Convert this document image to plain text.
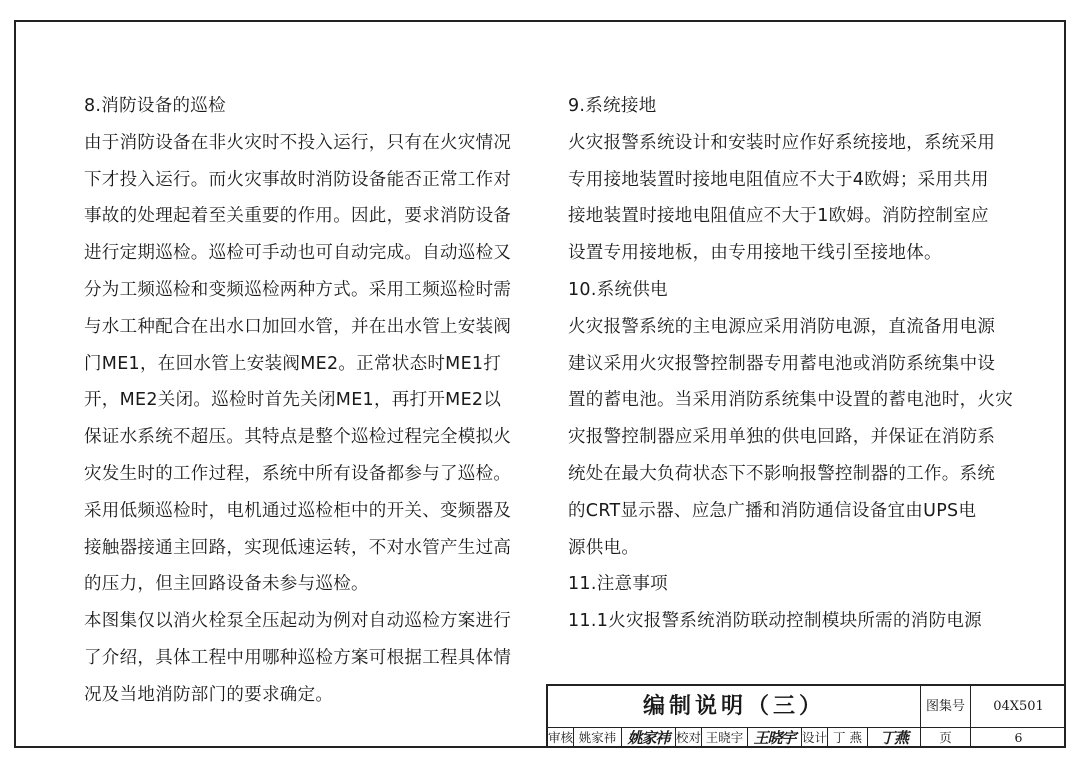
8.消防设备的巡检
由于消防设备在非火灾时不投入运行，只有在火灾情况
下才投入运行。而火灾事故时消防设备能否正常工作对
事故的处理起着至关重要的作用。因此，要求消防设备
进行定期巡检。巡检可手动也可自动完成。自动巡检又
分为工频巡检和变频巡检两种方式。采用工频巡检时需
与水工种配合在出水口加回水管，并在出水管上安装阀
门ME1，在回水管上安装阀ME2。正常状态时ME1打
开，ME2关闭。巡检时首先关闭ME1，再打开ME2以
保证水系统不超压。其特点是整个巡检过程完全模拟火
灾发生时的工作过程，系统中所有设备都参与了巡检。
采用低频巡检时，电机通过巡检柜中的开关、变频器及
接触器接通主回路，实现低速运转，不对水管产生过高
的压力，但主回路设备未参与巡检。
本图集仅以消火栓泵全压起动为例对自动巡检方案进行
了介绍，具体工程中用哪种巡检方案可根据工程具体情
况及当地消防部门的要求确定。
9.系统接地
火灾报警系统设计和安装时应作好系统接地，系统采用
专用接地装置时接地电阻值应不大于4欧姆；采用共用
接地装置时接地电阻值应不大于1欧姆。消防控制室应
设置专用接地板，由专用接地干线引至接地体。
10.系统供电
火灾报警系统的主电源应采用消防电源，直流备用电源
建议采用火灾报警控制器专用蓄电池或消防系统集中设
置的蓄电池。当采用消防系统集中设置的蓄电池时，火灾
灾报警控制器应采用单独的供电回路，并保证在消防系
统处在最大负荷状态下不影响报警控制器的工作。系统
的CRT显示器、应急广播和消防通信设备宜由UPS电
源供电。
11.注意事项
11.1火灾报警系统消防联动控制模块所需的消防电源
编制说明（三）	图集号	04X501
审核 姚家祎 姚家祎 校对 王晓宇 王晓宇 设计 丁 燕	丁燕	页	6
